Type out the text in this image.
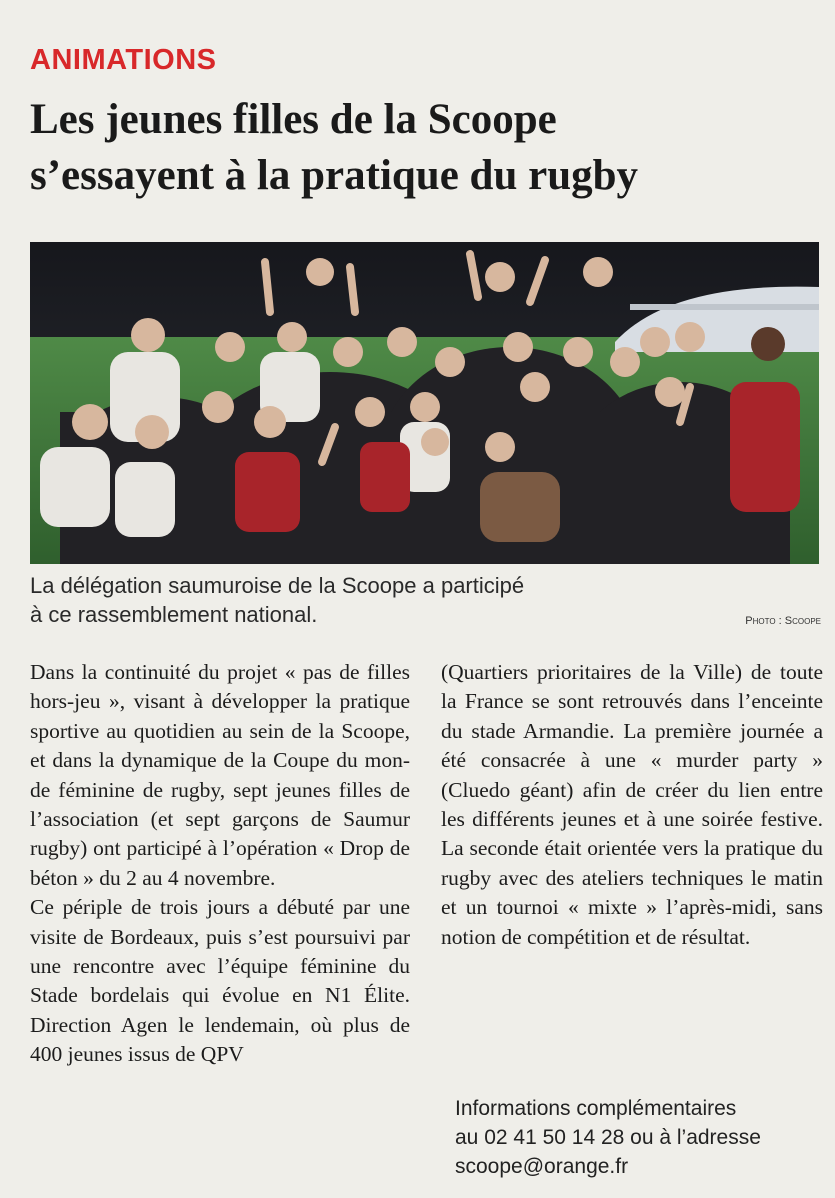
ANIMATIONS
Les jeunes filles de la Scoope
s’essayent à la pratique du rugby
La délégation saumuroise de la Scoope a participé
à ce rassemblement national.	Photo : Scoope

Dans la continuité du projet « pas de filles hors-jeu », visant à développer la pratique sportive au quotidien au sein de la Scoope, et dans la dynamique de la Coupe du monde féminine de rugby, sept jeunes filles de l’association (et sept garçons de Saumur rugby) ont participé à l’opération « Drop de béton » du 2 au 4 novembre.

Ce périple de trois jours a débuté par une visite de Bordeaux, puis s’est poursuivi par une rencontre avec l’équipe féminine du Stade bordelais qui évolue en N1 Élite. Direction Agen le lendemain, où plus de 400 jeunes issus de QPV

(Quartiers prioritaires de la Ville) de toute la France se sont retrouvés dans l’enceinte du stade Armandie. La première journée a été consacrée à une « murder party » (Cluedo géant) afin de créer du lien entre les différents jeunes et à une soirée festive. La seconde était orientée vers la pratique du rugby avec des ateliers techniques le matin et un tournoi « mixte » l’après-midi, sans notion de compétition et de résultat.

Informations complémentaires
au 02 41 50 14 28 ou à l’adresse
scoope@orange.fr
